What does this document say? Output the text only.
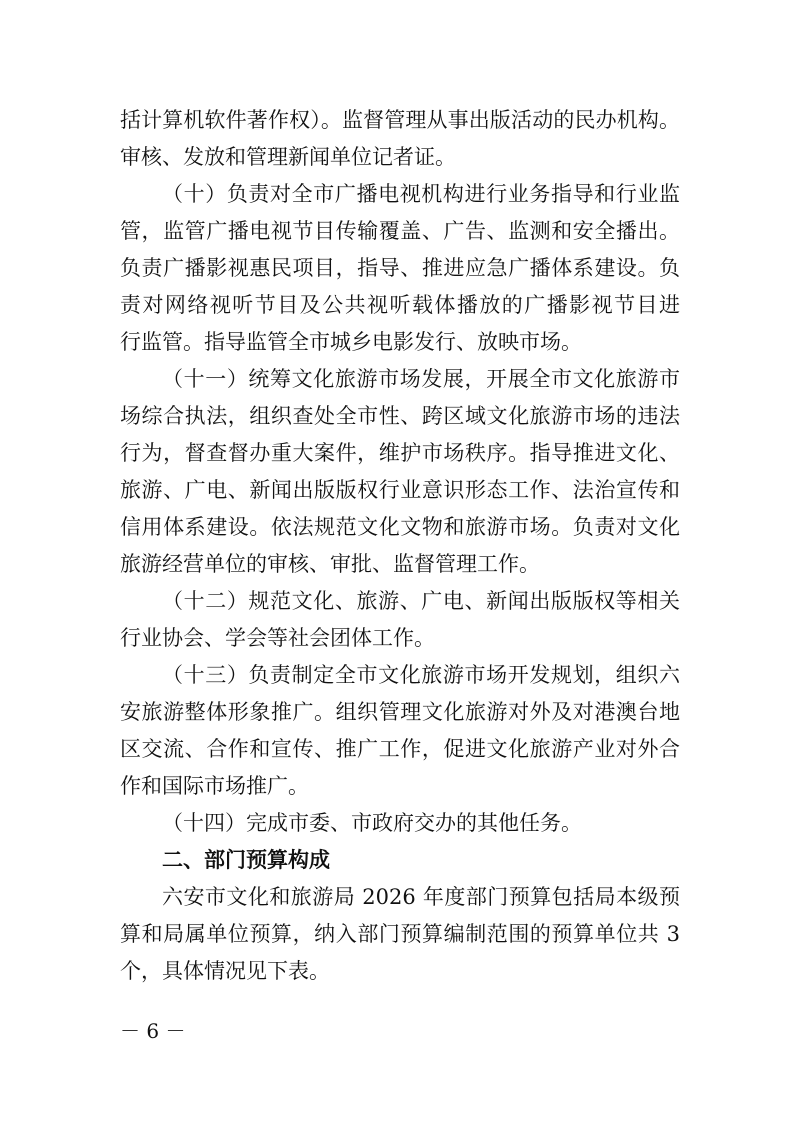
括计算机软件著作权）。监督管理从事出版活动的民办机构。
审核、发放和管理新闻单位记者证。
（十）负责对全市广播电视机构进行业务指导和行业监
管，监管广播电视节目传输覆盖、广告、监测和安全播出。
负责广播影视惠民项目，指导、推进应急广播体系建设。负
责对网络视听节目及公共视听载体播放的广播影视节目进
行监管。指导监管全市城乡电影发行、放映市场。
（十一）统筹文化旅游市场发展，开展全市文化旅游市
场综合执法，组织查处全市性、跨区域文化旅游市场的违法
行为，督查督办重大案件，维护市场秩序。指导推进文化、
旅游、广电、新闻出版版权行业意识形态工作、法治宣传和
信用体系建设。依法规范文化文物和旅游市场。负责对文化
旅游经营单位的审核、审批、监督管理工作。
（十二）规范文化、旅游、广电、新闻出版版权等相关
行业协会、学会等社会团体工作。
（十三）负责制定全市文化旅游市场开发规划，组织六
安旅游整体形象推广。组织管理文化旅游对外及对港澳台地
区交流、合作和宣传、推广工作，促进文化旅游产业对外合
作和国际市场推广。
（十四）完成市委、市政府交办的其他任务。
二、部门预算构成
六安市文化和旅游局 2026 年度部门预算包括局本级预
算和局属单位预算，纳入部门预算编制范围的预算单位共 3
个，具体情况见下表。
－ 6 －
